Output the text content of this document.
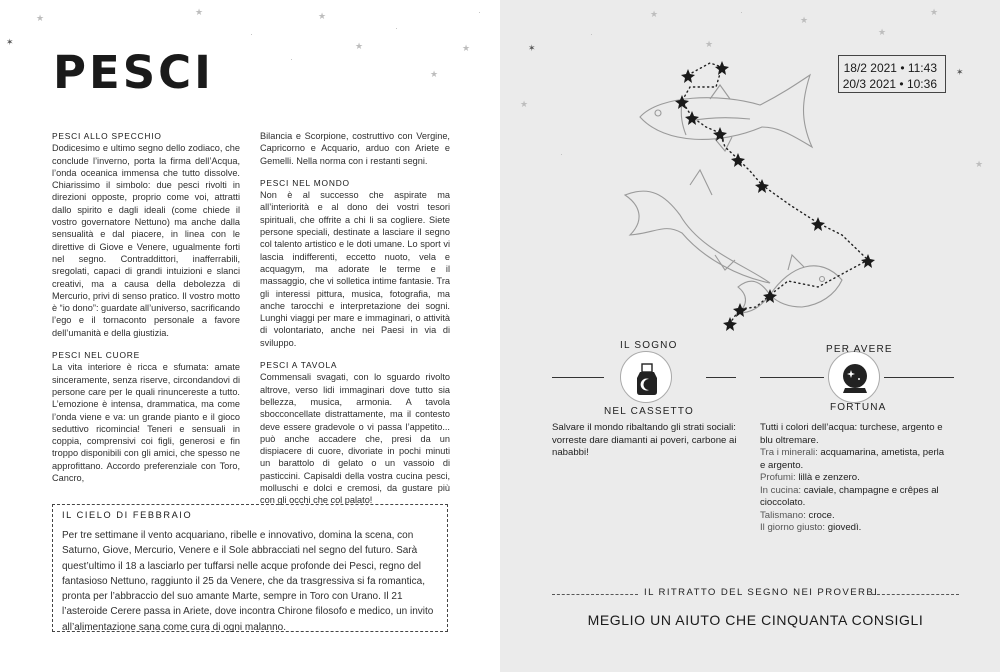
✶
★
★
·
★
★
·
★
★
·
·
PESCI
PESCI ALLO SPECCHIO

Dodicesimo e ultimo segno dello zodiaco, che conclude l’inverno, porta la firma dell’Acqua, l’onda oceanica immensa che tutto dissolve. Chiarissimo il simbolo: due pesci rivolti in direzioni opposte, proprio come voi, attratti dallo spirito e dagli ideali (come chiede il vostro governatore Nettuno) ma anche dalla sensualità e dal piacere, in linea con le direttive di Giove e Venere, ugualmente forti nel segno. Contraddittori, inafferrabili, sregolati, capaci di grandi intuizioni e slanci creativi, ma a causa della debolezza di Mercurio, privi di senso pratico. Il vostro motto è “io dono”: guardate all’universo, sacrificando l’ego e il tornaconto personale a favore dell’umanità e della giustizia.

PESCI NEL CUORE

La vita interiore è ricca e sfumata: amate sinceramente, senza riserve, circondandovi di persone care per le quali rinuncereste a tutto. L’emozione è intensa, drammatica, ma come l’onda viene e va: un grande pianto e il gioco seduttivo ricomincia! Teneri e sensuali in coppia, comprensivi coi figli, generosi e fin troppo disponibili con gli amici, che spesso ne approfittano. Accordo preferenziale con Toro, Cancro,

Bilancia e Scorpione, costruttivo con Vergine, Capricorno e Acquario, arduo con Ariete e Gemelli. Nella norma con i restanti segni.

PESCI NEL MONDO

Non è al successo che aspirate ma all’interiorità e al dono dei vostri tesori spirituali, che offrite a chi li sa cogliere. Siete persone speciali, destinate a lasciare il segno col talento artistico e le doti umane. Lo sport vi lascia indifferenti, eccetto nuoto, vela e acquagym, ma adorate le terme e il massaggio, che vi solletica intime fantasie. Tra gli interessi pittura, musica, fotografia, ma anche tarocchi e interpretazione dei sogni. Lunghi viaggi per mare e immaginari, o attività di volontariato, anche nei Paesi in via di sviluppo.

PESCI A TAVOLA

Commensali svagati, con lo sguardo rivolto altrove, verso lidi immaginari dove tutto sia bellezza, musica, armonia. A tavola sbocconcellate distrattamente, ma il contesto deve essere gradevole o vi passa l’appetito... può anche accadere che, presi da un dispiacere di cuore, divoriate in pochi minuti un barattolo di gelato o un vassoio di pasticcini. Capisaldi della vostra cucina pesci, molluschi e dolci e cremosi, da gustare più con gli occhi che col palato!

IL CIELO DI FEBBRAIO
Per tre settimane il vento acquariano, ribelle e innovativo, domina la scena, con Saturno, Giove, Mercurio, Venere e il Sole abbracciati nel segno del futuro. Sarà quest’ultimo il 18 a lasciarlo per tuffarsi nelle acque profonde dei Pesci, regno del fantasioso Nettuno, raggiunto il 25 da Venere, che da trasgressiva si fa romantica, pronta per l’abbraccio del suo amante Marte, sempre in Toro con Urano. Il 21 l’asteroide Cerere passa in Ariete, dove incontra Chirone filosofo e medico, un invito all’alimentazione sana come cura di ogni malanno.
✶
★
·
★
★
·
★
★
★
✶
★
·
18/2 2021 • 11:43
20/3 2021 • 10:36
IL SOGNO
NEL CASSETTO
Salvare il mondo ribaltando gli strati sociali: vorreste dare diamanti ai poveri, carbone ai nababbi!
PER AVERE
FORTUNA
Tutti i colori dell’acqua: turchese, argento e blu oltremare.
Tra i minerali: acquamarina, ametista, perla e argento.
Profumi: lillà e zenzero.
In cucina: caviale, champagne e crêpes al cioccolato.
Talismano: croce.
Il giorno giusto: giovedì.
IL RITRATTO DEL SEGNO NEI PROVERBI
MEGLIO UN AIUTO CHE CINQUANTA CONSIGLI
